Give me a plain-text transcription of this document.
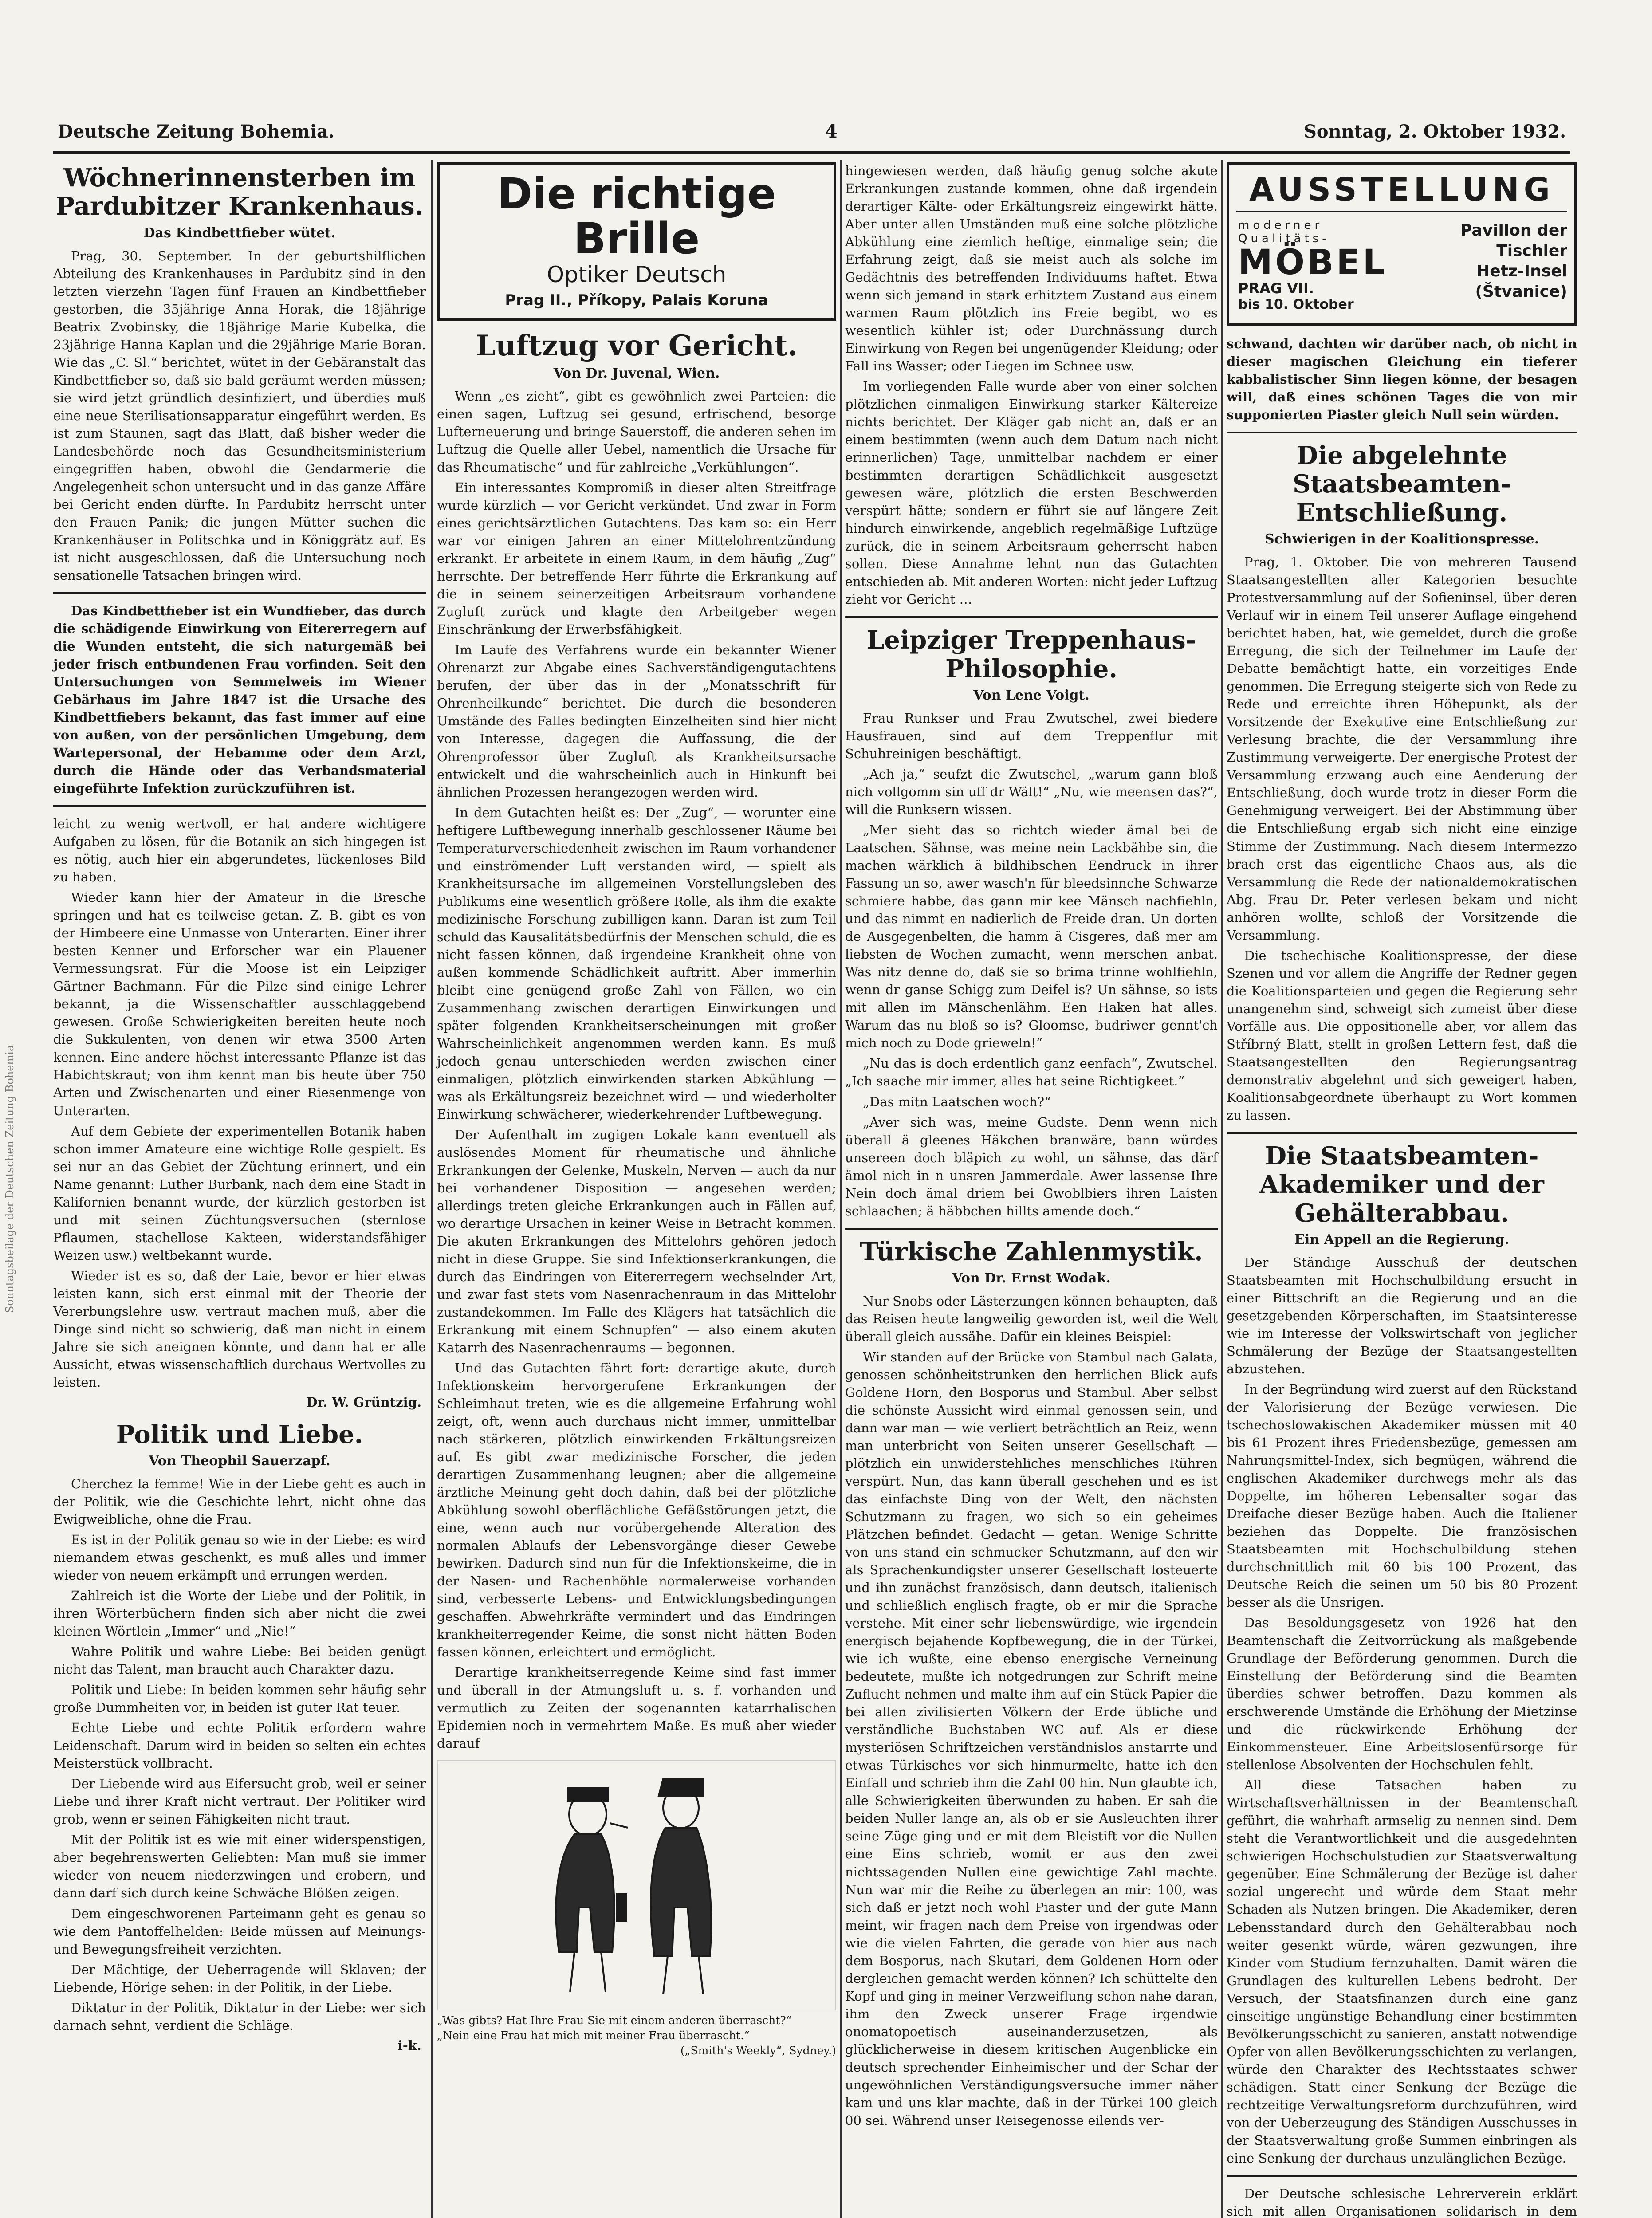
Deutsche Zeitung Bohemia.	4	Sonntag, 2. Oktober 1932.
Sonntagsbeilage der Deutschen Zeitung Bohemia
Wöchnerinnensterben im Pardubitzer Krankenhaus.
Das Kindbettfieber wütet.

Prag, 30. September. In der geburtshilflichen Abteilung des Krankenhauses in Pardubitz sind in den letzten vierzehn Tagen fünf Frauen an Kindbettfieber gestorben, die 35jährige Anna Horak, die 18jährige Beatrix Zvobinsky, die 18jährige Marie Kubelka, die 23jährige Hanna Kaplan und die 29jährige Marie Boran. Wie das „C. Sl.“ berichtet, wütet in der Gebäranstalt das Kindbettfieber so, daß sie bald geräumt werden müssen; sie wird jetzt gründlich desinfiziert, und überdies muß eine neue Sterilisationsapparatur eingeführt werden. Es ist zum Staunen, sagt das Blatt, daß bisher weder die Landesbehörde noch das Gesundheitsministerium eingegriffen haben, obwohl die Gendarmerie die Angelegenheit schon untersucht und in das ganze Affäre bei Gericht enden dürfte. In Pardubitz herrscht unter den Frauen Panik; die jungen Mütter suchen die Krankenhäuser in Politschka und in Königgrätz auf. Es ist nicht ausgeschlossen, daß die Untersuchung noch sensationelle Tatsachen bringen wird.

Das Kindbettfieber ist ein Wundfieber, das durch die schädigende Einwirkung von Eitererregern auf die Wunden entsteht, die sich naturgemäß bei jeder frisch entbundenen Frau vorfinden. Seit den Untersuchungen von Semmelweis im Wiener Gebärhaus im Jahre 1847 ist die Ursache des Kindbettfiebers bekannt, das fast immer auf eine von außen, von der persönlichen Umgebung, dem Wartepersonal, der Hebamme oder dem Arzt, durch die Hände oder das Verbandsmaterial eingeführte Infektion zurückzuführen ist.

leicht zu wenig wertvoll, er hat andere wichtigere Aufgaben zu lösen, für die Botanik an sich hingegen ist es nötig, auch hier ein abgerundetes, lückenloses Bild zu haben.

Wieder kann hier der Amateur in die Bresche springen und hat es teilweise getan. Z. B. gibt es von der Himbeere eine Unmasse von Unterarten. Einer ihrer besten Kenner und Erforscher war ein Plauener Vermessungsrat. Für die Moose ist ein Leipziger Gärtner Bachmann. Für die Pilze sind einige Lehrer bekannt, ja die Wissenschaftler ausschlaggebend gewesen. Große Schwierigkeiten bereiten heute noch die Sukkulenten, von denen wir etwa 3500 Arten kennen. Eine andere höchst interessante Pflanze ist das Habichtskraut; von ihm kennt man bis heute über 750 Arten und Zwischenarten und einer Riesenmenge von Unterarten.

Auf dem Gebiete der experimentellen Botanik haben schon immer Amateure eine wichtige Rolle gespielt. Es sei nur an das Gebiet der Züchtung erinnert, und ein Name genannt: Luther Burbank, nach dem eine Stadt in Kalifornien benannt wurde, der kürzlich gestorben ist und mit seinen Züchtungsversuchen (sternlose Pflaumen, stachellose Kakteen, widerstandsfähiger Weizen usw.) weltbekannt wurde.

Wieder ist es so, daß der Laie, bevor er hier etwas leisten kann, sich erst einmal mit der Theorie der Vererbungslehre usw. vertraut machen muß, aber die Dinge sind nicht so schwierig, daß man nicht in einem Jahre sie sich aneignen könnte, und dann hat er alle Aussicht, etwas wissenschaftlich durchaus Wertvolles zu leisten.

Dr. W. Grüntzig.
Politik und Liebe.
Von Theophil Sauerzapf.

Cherchez la femme! Wie in der Liebe geht es auch in der Politik, wie die Geschichte lehrt, nicht ohne das Ewigweibliche, ohne die Frau.

Es ist in der Politik genau so wie in der Liebe: es wird niemandem etwas geschenkt, es muß alles und immer wieder von neuem erkämpft und errungen werden.

Zahlreich ist die Worte der Liebe und der Politik, in ihren Wörterbüchern finden sich aber nicht die zwei kleinen Wörtlein „Immer“ und „Nie!“

Wahre Politik und wahre Liebe: Bei beiden genügt nicht das Talent, man braucht auch Charakter dazu.

Politik und Liebe: In beiden kommen sehr häufig sehr große Dummheiten vor, in beiden ist guter Rat teuer.

Echte Liebe und echte Politik erfordern wahre Leidenschaft. Darum wird in beiden so selten ein echtes Meisterstück vollbracht.

Der Liebende wird aus Eifersucht grob, weil er seiner Liebe und ihrer Kraft nicht vertraut. Der Politiker wird grob, wenn er seinen Fähigkeiten nicht traut.

Mit der Politik ist es wie mit einer widerspenstigen, aber begehrenswerten Geliebten: Man muß sie immer wieder von neuem niederzwingen und erobern, und dann darf sich durch keine Schwäche Blößen zeigen.

Dem eingeschworenen Parteimann geht es genau so wie dem Pantoffelhelden: Beide müssen auf Meinungs- und Bewegungsfreiheit verzichten.

Der Mächtige, der Ueberragende will Sklaven; der Liebende, Hörige sehen: in der Politik, in der Liebe.

Diktatur in der Politik, Diktatur in der Liebe: wer sich darnach sehnt, verdient die Schläge.

i-k.
Die richtige Brille
Optiker Deutsch
Prag II., Příkopy, Palais Koruna
Luftzug vor Gericht.
Von Dr. Juvenal, Wien.

Wenn „es zieht“, gibt es gewöhnlich zwei Parteien: die einen sagen, Luftzug sei gesund, erfrischend, besorge Lufterneuerung und bringe Sauerstoff, die anderen sehen im Luftzug die Quelle aller Uebel, namentlich die Ursache für das Rheumatische“ und für zahlreiche „Verkühlungen“.

Ein interessantes Kompromiß in dieser alten Streitfrage wurde kürzlich — vor Gericht verkündet. Und zwar in Form eines gerichtsärztlichen Gutachtens. Das kam so: ein Herr war vor einigen Jahren an einer Mittelohrentzündung erkrankt. Er arbeitete in einem Raum, in dem häufig „Zug“ herrschte. Der betreffende Herr führte die Erkrankung auf die in seinem seinerzeitigen Arbeitsraum vorhandene Zugluft zurück und klagte den Arbeitgeber wegen Einschränkung der Erwerbsfähigkeit.

Im Laufe des Verfahrens wurde ein bekannter Wiener Ohrenarzt zur Abgabe eines Sachverständigengutachtens berufen, der über das in der „Monatsschrift für Ohrenheilkunde“ berichtet. Die durch die besonderen Umstände des Falles bedingten Einzelheiten sind hier nicht von Interesse, dagegen die Auffassung, die der Ohrenprofessor über Zugluft als Krankheitsursache entwickelt und die wahrscheinlich auch in Hinkunft bei ähnlichen Prozessen herangezogen werden wird.

In dem Gutachten heißt es: Der „Zug“, — worunter eine heftigere Luftbewegung innerhalb geschlossener Räume bei Temperaturverschiedenheit zwischen im Raum vorhandener und einströmender Luft verstanden wird, — spielt als Krankheitsursache im allgemeinen Vorstellungsleben des Publikums eine wesentlich größere Rolle, als ihm die exakte medizinische Forschung zubilligen kann. Daran ist zum Teil schuld das Kausalitätsbedürfnis der Menschen schuld, die es nicht fassen können, daß irgendeine Krankheit ohne von außen kommende Schädlichkeit auftritt. Aber immerhin bleibt eine genügend große Zahl von Fällen, wo ein Zusammenhang zwischen derartigen Einwirkungen und später folgenden Krankheitserscheinungen mit großer Wahrscheinlichkeit angenommen werden kann. Es muß jedoch genau unterschieden werden zwischen einer einmaligen, plötzlich einwirkenden starken Abkühlung — was als Erkältungsreiz bezeichnet wird — und wiederholter Einwirkung schwächerer, wiederkehrender Luftbewegung.

Der Aufenthalt im zugigen Lokale kann eventuell als auslösendes Moment für rheumatische und ähnliche Erkrankungen der Gelenke, Muskeln, Nerven — auch da nur bei vorhandener Disposition — angesehen werden; allerdings treten gleiche Erkrankungen auch in Fällen auf, wo derartige Ursachen in keiner Weise in Betracht kommen. Die akuten Erkrankungen des Mittelohrs gehören jedoch nicht in diese Gruppe. Sie sind Infektionserkrankungen, die durch das Eindringen von Eitererregern wechselnder Art, und zwar fast stets vom Nasenrachenraum in das Mittelohr zustandekommen. Im Falle des Klägers hat tatsächlich die Erkrankung mit einem Schnupfen“ — also einem akuten Katarrh des Nasenrachenraums — begonnen.

Und das Gutachten fährt fort: derartige akute, durch Infektionskeim hervorgerufene Erkrankungen der Schleimhaut treten, wie es die allgemeine Erfahrung wohl zeigt, oft, wenn auch durchaus nicht immer, unmittelbar nach stärkeren, plötzlich einwirkenden Erkältungsreizen auf. Es gibt zwar medizinische Forscher, die jeden derartigen Zusammenhang leugnen; aber die allgemeine ärztliche Meinung geht doch dahin, daß bei der plötzliche Abkühlung sowohl oberflächliche Gefäßstörungen jetzt, die eine, wenn auch nur vorübergehende Alteration des normalen Ablaufs der Lebensvorgänge dieser Gewebe bewirken. Dadurch sind nun für die Infektionskeime, die in der Nasen- und Rachenhöhle normalerweise vorhanden sind, verbesserte Lebens- und Entwicklungsbedingungen geschaffen. Abwehrkräfte vermindert und das Eindringen krankheiterregender Keime, die sonst nicht hätten Boden fassen können, erleichtert und ermöglicht.

Derartige krankheitserregende Keime sind fast immer und überall in der Atmungsluft u. s. f. vorhanden und vermutlich zu Zeiten der sogenannten katarrhalischen Epidemien noch in vermehrtem Maße. Es muß aber wieder darauf

„Was gibts? Hat Ihre Frau Sie mit einem anderen überrascht?“
„Nein eine Frau hat mich mit meiner Frau überrascht.“
(„Smith's Weekly“, Sydney.)

hingewiesen werden, daß häufig genug solche akute Erkrankungen zustande kommen, ohne daß irgendein derartiger Kälte- oder Erkältungsreiz eingewirkt hätte. Aber unter allen Umständen muß eine solche plötzliche Abkühlung eine ziemlich heftige, einmalige sein; die Erfahrung zeigt, daß sie meist auch als solche im Gedächtnis des betreffenden Individuums haftet. Etwa wenn sich jemand in stark erhitztem Zustand aus einem warmen Raum plötzlich ins Freie begibt, wo es wesentlich kühler ist; oder Durchnässung durch Einwirkung von Regen bei ungenügender Kleidung; oder Fall ins Wasser; oder Liegen im Schnee usw.

Im vorliegenden Falle wurde aber von einer solchen plötzlichen einmaligen Einwirkung starker Kältereize nichts berichtet. Der Kläger gab nicht an, daß er an einem bestimmten (wenn auch dem Datum nach nicht erinnerlichen) Tage, unmittelbar nachdem er einer bestimmten derartigen Schädlichkeit ausgesetzt gewesen wäre, plötzlich die ersten Beschwerden verspürt hätte; sondern er führt sie auf längere Zeit hindurch einwirkende, angeblich regelmäßige Luftzüge zurück, die in seinem Arbeitsraum geherrscht haben sollen. Diese Annahme lehnt nun das Gutachten entschieden ab. Mit anderen Worten: nicht jeder Luftzug zieht vor Gericht …

Leipziger Treppenhaus-Philosophie.
Von Lene Voigt.

Frau Runkser und Frau Zwutschel, zwei biedere Hausfrauen, sind auf dem Treppenflur mit Schuhreinigen beschäftigt.

„Ach ja,“ seufzt die Zwutschel, „warum gann bloß nich vollgomm sin uff dr Wält!“ „Nu, wie meensen das?“, will die Runksern wissen.

„Mer sieht das so richtch wieder ämal bei de Laatschen. Sähnse, was meine nein Lackbähbe sin, die machen wärklich ä bildhibschen Eendruck in ihrer Fassung un so, awer wasch'n für bleedsinnche Schwarze schmiere habbe, das gann mir kee Mänsch nachfiehln, und das nimmt en nadierlich de Freide dran. Un dorten de Ausgegenbelten, die hamm ä Cisgeres, daß mer am liebsten de Wochen zumacht, wenn merschen anbat. Was nitz denne do, daß sie so brima trinne wohlfiehln, wenn dr ganse Schigg zum Deifel is? Un sähnse, so ists mit allen im Mänschenlähm. Een Haken hat alles. Warum das nu bloß so is? Gloomse, budriwer gennt'ch mich noch zu Dode grieweln!“

„Nu das is doch erdentlich ganz eenfach“, Zwutschel. „Ich saache mir immer, alles hat seine Richtigkeet.“

„Das mitn Laatschen woch?“

„Aver sich was, meine Gudste. Denn wenn nich überall ä gleenes Häkchen branwäre, bann würdes unsereen doch bläpich zu wohl, un sähnse, das därf ämol nich in n unsren Jammerdale. Awer lassense Ihre Nein doch ämal driem bei Gwoblbiers ihren Laisten schlaachen; ä häbbchen hillts amende doch.“

Türkische Zahlenmystik.
Von Dr. Ernst Wodak.

Nur Snobs oder Lästerzungen können behaupten, daß das Reisen heute langweilig geworden ist, weil die Welt überall gleich aussähe. Dafür ein kleines Beispiel:

Wir standen auf der Brücke von Stambul nach Galata, genossen schönheitstrunken den herrlichen Blick aufs Goldene Horn, den Bosporus und Stambul. Aber selbst die schönste Aussicht wird einmal genossen sein, und dann war man — wie verliert beträchtlich an Reiz, wenn man unterbricht von Seiten unserer Gesellschaft — plötzlich ein unwiderstehliches menschliches Rühren verspürt. Nun, das kann überall geschehen und es ist das einfachste Ding von der Welt, den nächsten Schutzmann zu fragen, wo sich so ein geheimes Plätzchen befindet. Gedacht — getan. Wenige Schritte von uns stand ein schmucker Schutzmann, auf den wir als Sprachenkundigster unserer Gesellschaft losteuerte und ihn zunächst französisch, dann deutsch, italienisch und schließlich englisch fragte, ob er mir die Sprache verstehe. Mit einer sehr liebenswürdige, wie irgendein energisch bejahende Kopfbewegung, die in der Türkei, wie ich wußte, eine ebenso energische Verneinung bedeutete, mußte ich notgedrungen zur Schrift meine Zuflucht nehmen und malte ihm auf ein Stück Papier die bei allen zivilisierten Völkern der Erde übliche und verständliche Buchstaben WC auf. Als er diese mysteriösen Schriftzeichen verständnislos anstarrte und etwas Türkisches vor sich hinmurmelte, hatte ich den Einfall und schrieb ihm die Zahl 00 hin. Nun glaubte ich, alle Schwierigkeiten überwunden zu haben. Er sah die beiden Nuller lange an, als ob er sie Ausleuchten ihrer seine Züge ging und er mit dem Bleistift vor die Nullen eine Eins schrieb, womit er aus den zwei nichtssagenden Nullen eine gewichtige Zahl machte. Nun war mir die Reihe zu überlegen an mir: 100, was sich daß er jetzt noch wohl Piaster und der gute Mann meint, wir fragen nach dem Preise von irgendwas oder wie die vielen Fahrten, die gerade von hier aus nach dem Bosporus, nach Skutari, dem Goldenen Horn oder dergleichen gemacht werden können? Ich schüttelte den Kopf und ging in meiner Verzweiflung schon nahe daran, ihm den Zweck unserer Frage irgendwie onomatopoetisch auseinanderzusetzen, als glücklicherweise in diesem kritischen Augenblicke ein deutsch sprechender Einheimischer und der Schar der ungewöhnlichen Verständigungsversuche immer näher kam und uns klar machte, daß in der Türkei 100 gleich 00 sei. Während unser Reisegenosse eilends ver-

AUSSTELLUNG
moderner Qualitäts-
MÖBEL
PRAG VII.
bis 10. Oktober
Pavillon der
Tischler
Hetz-Insel
(Štvanice)

schwand, dachten wir darüber nach, ob nicht in dieser magischen Gleichung ein tieferer kabbalistischer Sinn liegen könne, der besagen will, daß eines schönen Tages die von mir supponierten Piaster gleich Null sein würden.

Die abgelehnte Staatsbeamten-Entschließung.
Schwierigen in der Koalitionspresse.

Prag, 1. Oktober. Die von mehreren Tausend Staatsangestellten aller Kategorien besuchte Protestversammlung auf der Sofieninsel, über deren Verlauf wir in einem Teil unserer Auflage eingehend berichtet haben, hat, wie gemeldet, durch die große Erregung, die sich der Teilnehmer im Laufe der Debatte bemächtigt hatte, ein vorzeitiges Ende genommen. Die Erregung steigerte sich von Rede zu Rede und erreichte ihren Höhepunkt, als der Vorsitzende der Exekutive eine Entschließung zur Verlesung brachte, die der Versammlung ihre Zustimmung verweigerte. Der energische Protest der Versammlung erzwang auch eine Aenderung der Entschließung, doch wurde trotz in dieser Form die Genehmigung verweigert. Bei der Abstimmung über die Entschließung ergab sich nicht eine einzige Stimme der Zustimmung. Nach diesem Intermezzo brach erst das eigentliche Chaos aus, als die Versammlung die Rede der nationaldemokratischen Abg. Frau Dr. Peter verlesen bekam und nicht anhören wollte, schloß der Vorsitzende die Versammlung.

Die tschechische Koalitionspresse, der diese Szenen und vor allem die Angriffe der Redner gegen die Koalitionsparteien und gegen die Regierung sehr unangenehm sind, schweigt sich zumeist über diese Vorfälle aus. Die oppositionelle aber, vor allem das Stříbrný Blatt, stellt in großen Lettern fest, daß die Staatsangestellten den Regierungsantrag demonstrativ abgelehnt und sich geweigert haben, Koalitionsabgeordnete überhaupt zu Wort kommen zu lassen.

Die Staatsbeamten-Akademiker und der Gehälterabbau.
Ein Appell an die Regierung.

Der Ständige Ausschuß der deutschen Staatsbeamten mit Hochschulbildung ersucht in einer Bittschrift an die Regierung und an die gesetzgebenden Körperschaften, im Staatsinteresse wie im Interesse der Volkswirtschaft von jeglicher Schmälerung der Bezüge der Staatsangestellten abzustehen.

In der Begründung wird zuerst auf den Rückstand der Valorisierung der Bezüge verwiesen. Die tschechoslowakischen Akademiker müssen mit 40 bis 61 Prozent ihres Friedensbezüge, gemessen am Nahrungsmittel-Index, sich begnügen, während die englischen Akademiker durchwegs mehr als das Doppelte, im höheren Lebensalter sogar das Dreifache dieser Bezüge haben. Auch die Italiener beziehen das Doppelte. Die französischen Staatsbeamten mit Hochschulbildung stehen durchschnittlich mit 60 bis 100 Prozent, das Deutsche Reich die seinen um 50 bis 80 Prozent besser als die Unsrigen.

Das Besoldungsgesetz von 1926 hat den Beamtenschaft die Zeitvorrückung als maßgebende Grundlage der Beförderung genommen. Durch die Einstellung der Beförderung sind die Beamten überdies schwer betroffen. Dazu kommen als erschwerende Umstände die Erhöhung der Mietzinse und die rückwirkende Erhöhung der Einkommensteuer. Eine Arbeitslosenfürsorge für stellenlose Absolventen der Hochschulen fehlt.

All diese Tatsachen haben zu Wirtschaftsverhältnissen in der Beamtenschaft geführt, die wahrhaft armselig zu nennen sind. Dem steht die Verantwortlichkeit und die ausgedehnten schwierigen Hochschulstudien zur Staatsverwaltung gegenüber. Eine Schmälerung der Bezüge ist daher sozial ungerecht und würde dem Staat mehr Schaden als Nutzen bringen. Die Akademiker, deren Lebensstandard durch den Gehälterabbau noch weiter gesenkt würde, wären gezwungen, ihre Kinder vom Studium fernzuhalten. Damit wären die Grundlagen des kulturellen Lebens bedroht. Der Versuch, der Staatsfinanzen durch eine ganz einseitige ungünstige Behandlung einer bestimmten Bevölkerungsschicht zu sanieren, anstatt notwendige Opfer von allen Bevölkerungsschichten zu verlangen, würde den Charakter des Rechtsstaates schwer schädigen. Statt einer Senkung der Bezüge die rechtzeitige Verwaltungsreform durchzuführen, wird von der Ueberzeugung des Ständigen Ausschusses in der Staatsverwaltung große Summen einbringen als eine Senkung der durchaus unzulänglichen Bezüge.

Der Deutsche schlesische Lehrerverein erklärt sich mit allen Organisationen solidarisch in dem
